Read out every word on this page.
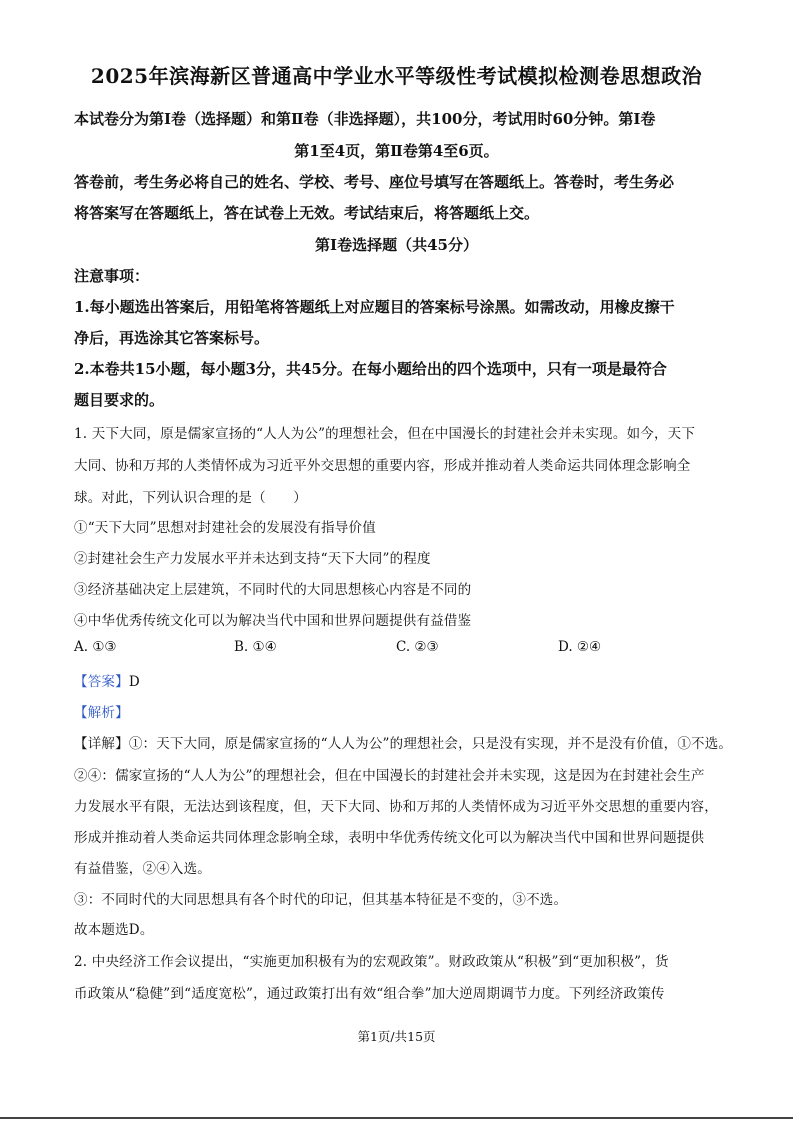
2025年滨海新区普通高中学业水平等级性考试模拟检测卷思想政治
本试卷分为第Ⅰ卷（选择题）和第Ⅱ卷（非选择题），共100分，考试用时60分钟。第Ⅰ卷
第1至4页，第Ⅱ卷第4至6页。
答卷前，考生务必将自己的姓名、学校、考号、座位号填写在答题纸上。答卷时，考生务必
将答案写在答题纸上，答在试卷上无效。考试结束后，将答题纸上交。
第Ⅰ卷选择题（共45分）
注意事项：
1.每小题选出答案后，用铅笔将答题纸上对应题目的答案标号涂黑。如需改动，用橡皮擦干
净后，再选涂其它答案标号。
2.本卷共15小题，每小题3分，共45分。在每小题给出的四个选项中，只有一项是最符合
题目要求的。
1. 天下大同，原是儒家宣扬的“人人为公”的理想社会，但在中国漫长的封建社会并未实现。如今，天下
大同、协和万邦的人类情怀成为习近平外交思想的重要内容，形成并推动着人类命运共同体理念影响全
球。对此，下列认识合理的是（　　）
①“天下大同”思想对封建社会的发展没有指导价值
②封建社会生产力发展水平并未达到支持“天下大同”的程度
③经济基础决定上层建筑，不同时代的大同思想核心内容是不同的
④中华优秀传统文化可以为解决当代中国和世界问题提供有益借鉴
A. ①③	B. ①④	C. ②③	D. ②④
【答案】D
【解析】
【详解】①：天下大同，原是儒家宣扬的“人人为公”的理想社会，只是没有实现，并不是没有价值，①不选。
②④：儒家宣扬的“人人为公”的理想社会，但在中国漫长的封建社会并未实现，这是因为在封建社会生产
力发展水平有限，无法达到该程度，但，天下大同、协和万邦的人类情怀成为习近平外交思想的重要内容，
形成并推动着人类命运共同体理念影响全球，表明中华优秀传统文化可以为解决当代中国和世界问题提供
有益借鉴，②④入选。
③：不同时代的大同思想具有各个时代的印记，但其基本特征是不变的，③不选。
故本题选D。
2. 中央经济工作会议提出，“实施更加积极有为的宏观政策”。财政政策从“积极”到“更加积极”，货
币政策从“稳健”到“适度宽松”，通过政策打出有效“组合拳”加大逆周期调节力度。下列经济政策传
第1页/共15页
